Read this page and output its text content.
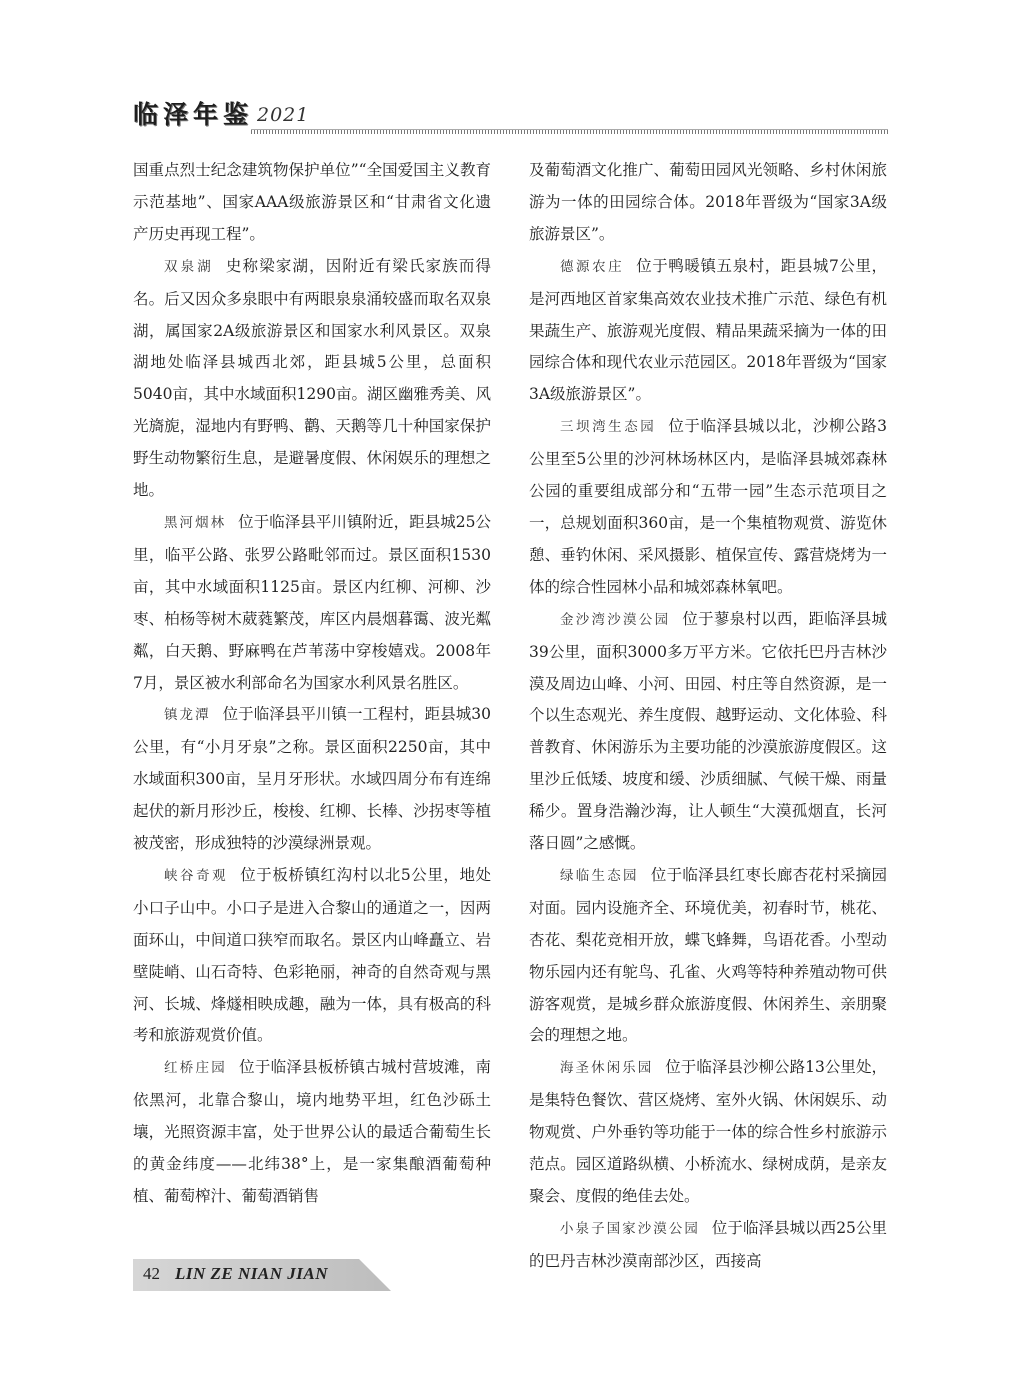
临泽年鉴 2021

国重点烈士纪念建筑物保护单位”“全国爱国主义教育示范基地”、国家AAA级旅游景区和“甘肃省文化遗产历史再现工程”。

双泉湖 史称梁家湖，因附近有梁氏家族而得名。后又因众多泉眼中有两眼泉泉涌较盛而取名双泉湖，属国家2A级旅游景区和国家水利风景区。双泉湖地处临泽县城西北郊，距县城5公里，总面积5040亩，其中水域面积1290亩。湖区幽雅秀美、风光旖旎，湿地内有野鸭、鹳、天鹅等几十种国家保护野生动物繁衍生息，是避暑度假、休闲娱乐的理想之地。

黑河烟林 位于临泽县平川镇附近，距县城25公里，临平公路、张罗公路毗邻而过。景区面积1530亩，其中水域面积1125亩。景区内红柳、河柳、沙枣、柏杨等树木葳蕤繁茂，库区内晨烟暮霭、波光粼粼，白天鹅、野麻鸭在芦苇荡中穿梭嬉戏。2008年7月，景区被水利部命名为国家水利风景名胜区。

镇龙潭 位于临泽县平川镇一工程村，距县城30公里，有“小月牙泉”之称。景区面积2250亩，其中水域面积300亩，呈月牙形状。水域四周分布有连绵起伏的新月形沙丘，梭梭、红柳、长棒、沙拐枣等植被茂密，形成独特的沙漠绿洲景观。

峡谷奇观 位于板桥镇红沟村以北5公里，地处小口子山中。小口子是进入合黎山的通道之一，因两面环山，中间道口狭窄而取名。景区内山峰矗立、岩壁陡峭、山石奇特、色彩艳丽，神奇的自然奇观与黑河、长城、烽燧相映成趣，融为一体，具有极高的科考和旅游观赏价值。

红桥庄园 位于临泽县板桥镇古城村营坡滩，南依黑河，北靠合黎山，境内地势平坦，红色沙砾土壤，光照资源丰富，处于世界公认的最适合葡萄生长的黄金纬度——北纬38°上，是一家集酿酒葡萄种植、葡萄榨汁、葡萄酒销售

及葡萄酒文化推广、葡萄田园风光领略、乡村休闲旅游为一体的田园综合体。2018年晋级为“国家3A级旅游景区”。

德源农庄 位于鸭暖镇五泉村，距县城7公里，是河西地区首家集高效农业技术推广示范、绿色有机果蔬生产、旅游观光度假、精品果蔬采摘为一体的田园综合体和现代农业示范园区。2018年晋级为“国家3A级旅游景区”。

三坝湾生态园 位于临泽县城以北，沙柳公路3公里至5公里的沙河林场林区内，是临泽县城郊森林公园的重要组成部分和“五带一园”生态示范项目之一，总规划面积360亩，是一个集植物观赏、游览休憩、垂钓休闲、采风摄影、植保宣传、露营烧烤为一体的综合性园林小品和城郊森林氧吧。

金沙湾沙漠公园 位于蓼泉村以西，距临泽县城39公里，面积3000多万平方米。它依托巴丹吉林沙漠及周边山峰、小河、田园、村庄等自然资源，是一个以生态观光、养生度假、越野运动、文化体验、科普教育、休闲游乐为主要功能的沙漠旅游度假区。这里沙丘低矮、坡度和缓、沙质细腻、气候干燥、雨量稀少。置身浩瀚沙海，让人顿生“大漠孤烟直，长河落日圆”之感慨。

绿临生态园 位于临泽县红枣长廊杏花村采摘园对面。园内设施齐全、环境优美，初春时节，桃花、杏花、梨花竞相开放，蝶飞蜂舞，鸟语花香。小型动物乐园内还有鸵鸟、孔雀、火鸡等特种养殖动物可供游客观赏，是城乡群众旅游度假、休闲养生、亲朋聚会的理想之地。

海圣休闲乐园 位于临泽县沙柳公路13公里处，是集特色餐饮、营区烧烤、室外火锅、休闲娱乐、动物观赏、户外垂钓等功能于一体的综合性乡村旅游示范点。园区道路纵横、小桥流水、绿树成荫，是亲友聚会、度假的绝佳去处。

小泉子国家沙漠公园 位于临泽县城以西25公里的巴丹吉林沙漠南部沙区，西接高

42 LIN ZE NIAN JIAN
